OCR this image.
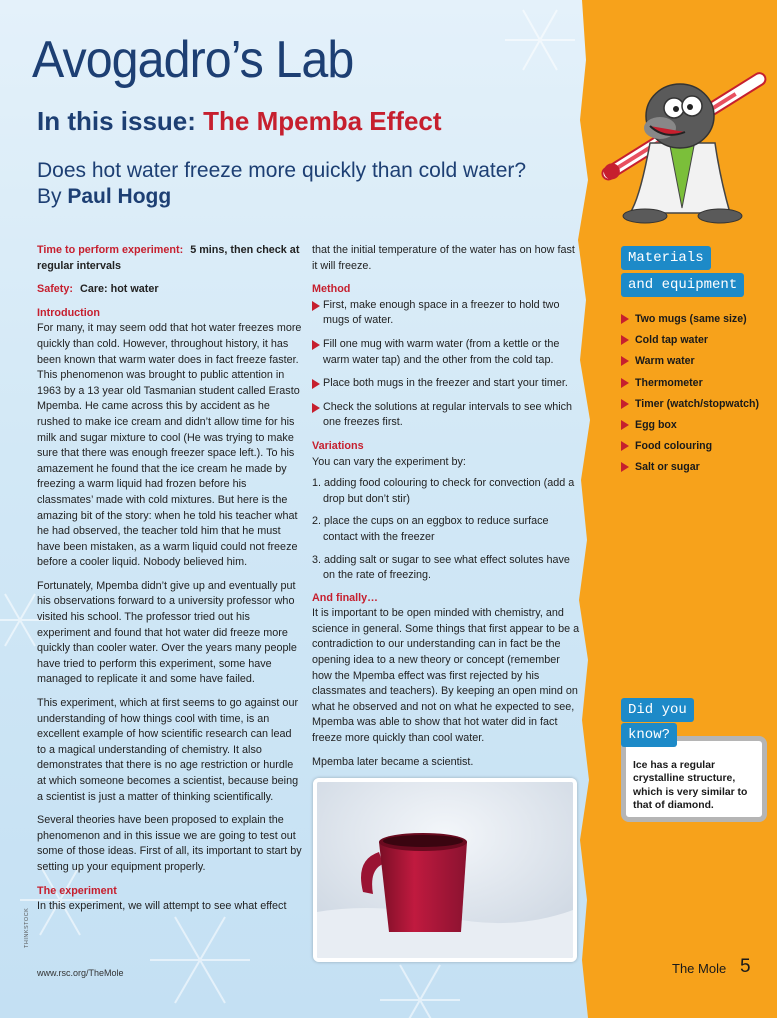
Avogadro’s Lab
In this issue: The Mpemba Effect
Does hot water freeze more quickly than cold water?
By Paul Hogg
Time to perform experiment: 5 mins, then check at regular intervals
Safety: Care: hot water
Introduction

For many, it may seem odd that hot water freezes more quickly than cold. However, throughout history, it has been known that warm water does in fact freeze faster. This phenomenon was brought to public attention in 1963 by a 13 year old Tasmanian student called Erasto Mpemba. He came across this by accident as he rushed to make ice cream and didn’t allow time for his milk and sugar mixture to cool (He was trying to make sure that there was enough freezer space left.). To his amazement he found that the ice cream he made by freezing a warm liquid had frozen before his classmates’ made with cold mixtures. But here is the amazing bit of the story: when he told his teacher what he had observed, the teacher told him that he must have been mistaken, as a warm liquid could not freeze before a cooler liquid. Nobody believed him.

Fortunately, Mpemba didn’t give up and eventually put his observations forward to a university professor who visited his school. The professor tried out his experiment and found that hot water did freeze more quickly than cooler water. Over the years many people have tried to perform this experiment, some have managed to replicate it and some have failed.

This experiment, which at first seems to go against our understanding of how things cool with time, is an excellent example of how scientific research can lead to a magical understanding of chemistry. It also demonstrates that there is no age restriction or hurdle at which someone becomes a scientist, because being a scientist is just a matter of thinking scientifically.

Several theories have been proposed to explain the phenomenon and in this issue we are going to test out some of those ideas. First of all, its important to start by setting up your equipment properly.

The experiment

In this experiment, we will attempt to see what effect

that the initial temperature of the water has on how fast it will freeze.

Method
First, make enough space in a freezer to hold two mugs of water.
Fill one mug with warm water (from a kettle or the warm water tap) and the other from the cold tap.
Place both mugs in the freezer and start your timer.
Check the solutions at regular intervals to see which one freezes first.
Variations

You can vary the experiment by:

1. adding food colouring to check for convection (add a drop but don’t stir)
2. place the cups on an eggbox to reduce surface contact with the freezer
3. adding salt or sugar to see what effect solutes have on the rate of freezing.
And finally…

It is important to be open minded with chemistry, and science in general. Some things that first appear to be a contradiction to our understanding can in fact be the opening idea to a new theory or concept (remember how the Mpemba effect was first rejected by his classmates and teachers). By keeping an open mind on what he observed and not on what he expected to see, Mpemba was able to show that hot water did in fact freeze more quickly than cool water.

Mpemba later became a scientist.

Materials
and equipment
Two mugs (same size)
Cold tap water
Warm water
Thermometer
Timer (watch/stopwatch)
Egg box
Food colouring
Salt or sugar
Ice has a regular crystalline structure, which is very similar to that of diamond.
Did you
know?
THINKSTOCK
www.rsc.org/TheMole	The Mole 5
